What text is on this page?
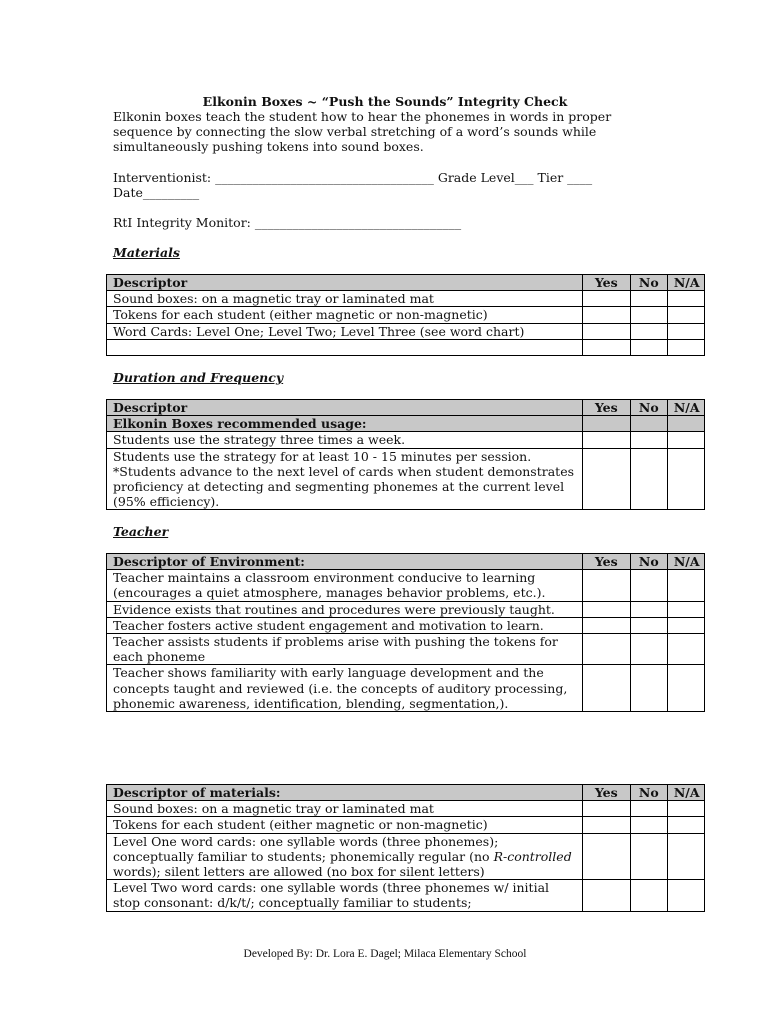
Elkonin Boxes ~ “Push the Sounds” Integrity Check
Elkonin boxes teach the student how to hear the phonemes in words in proper sequence by connecting the slow verbal stretching of a word’s sounds while simultaneously pushing tokens into sound boxes.
Interventionist: ___________________________________ Grade Level___ Tier ____
Date_________
RtI Integrity Monitor: _________________________________
Materials
Descriptor	Yes	No	N/A
Sound boxes: on a magnetic tray or laminated mat			
Tokens for each student (either magnetic or non-magnetic)			
Word Cards: Level One; Level Two; Level Three (see word chart)			

Duration and Frequency
Descriptor	Yes	No	N/A
Elkonin Boxes recommended usage:			
Students use the strategy three times a week.			
Students use the strategy for at least 10 - 15 minutes per session. *Students advance to the next level of cards when student demonstrates proficiency at detecting and segmenting phonemes at the current level (95% efficiency).			
Teacher
Descriptor of Environment:	Yes	No	N/A
Teacher maintains a classroom environment conducive to learning (encourages a quiet atmosphere, manages behavior problems, etc.).			
Evidence exists that routines and procedures were previously taught.			
Teacher fosters active student engagement and motivation to learn.			
Teacher assists students if problems arise with pushing the tokens for each phoneme			
Teacher shows familiarity with early language development and the concepts taught and reviewed (i.e. the concepts of auditory processing, phonemic awareness, identification, blending, segmentation,).			
Descriptor of materials:	Yes	No	N/A
Sound boxes: on a magnetic tray or laminated mat			
Tokens for each student (either magnetic or non-magnetic)			
Level One word cards: one syllable words (three phonemes); conceptually familiar to students; phonemically regular (no R-controlled words); silent letters are allowed (no box for silent letters)			
Level Two word cards: one syllable words (three phonemes w/ initial stop consonant: d/k/t/; conceptually familiar to students;			
Developed By: Dr. Lora E. Dagel; Milaca Elementary School
